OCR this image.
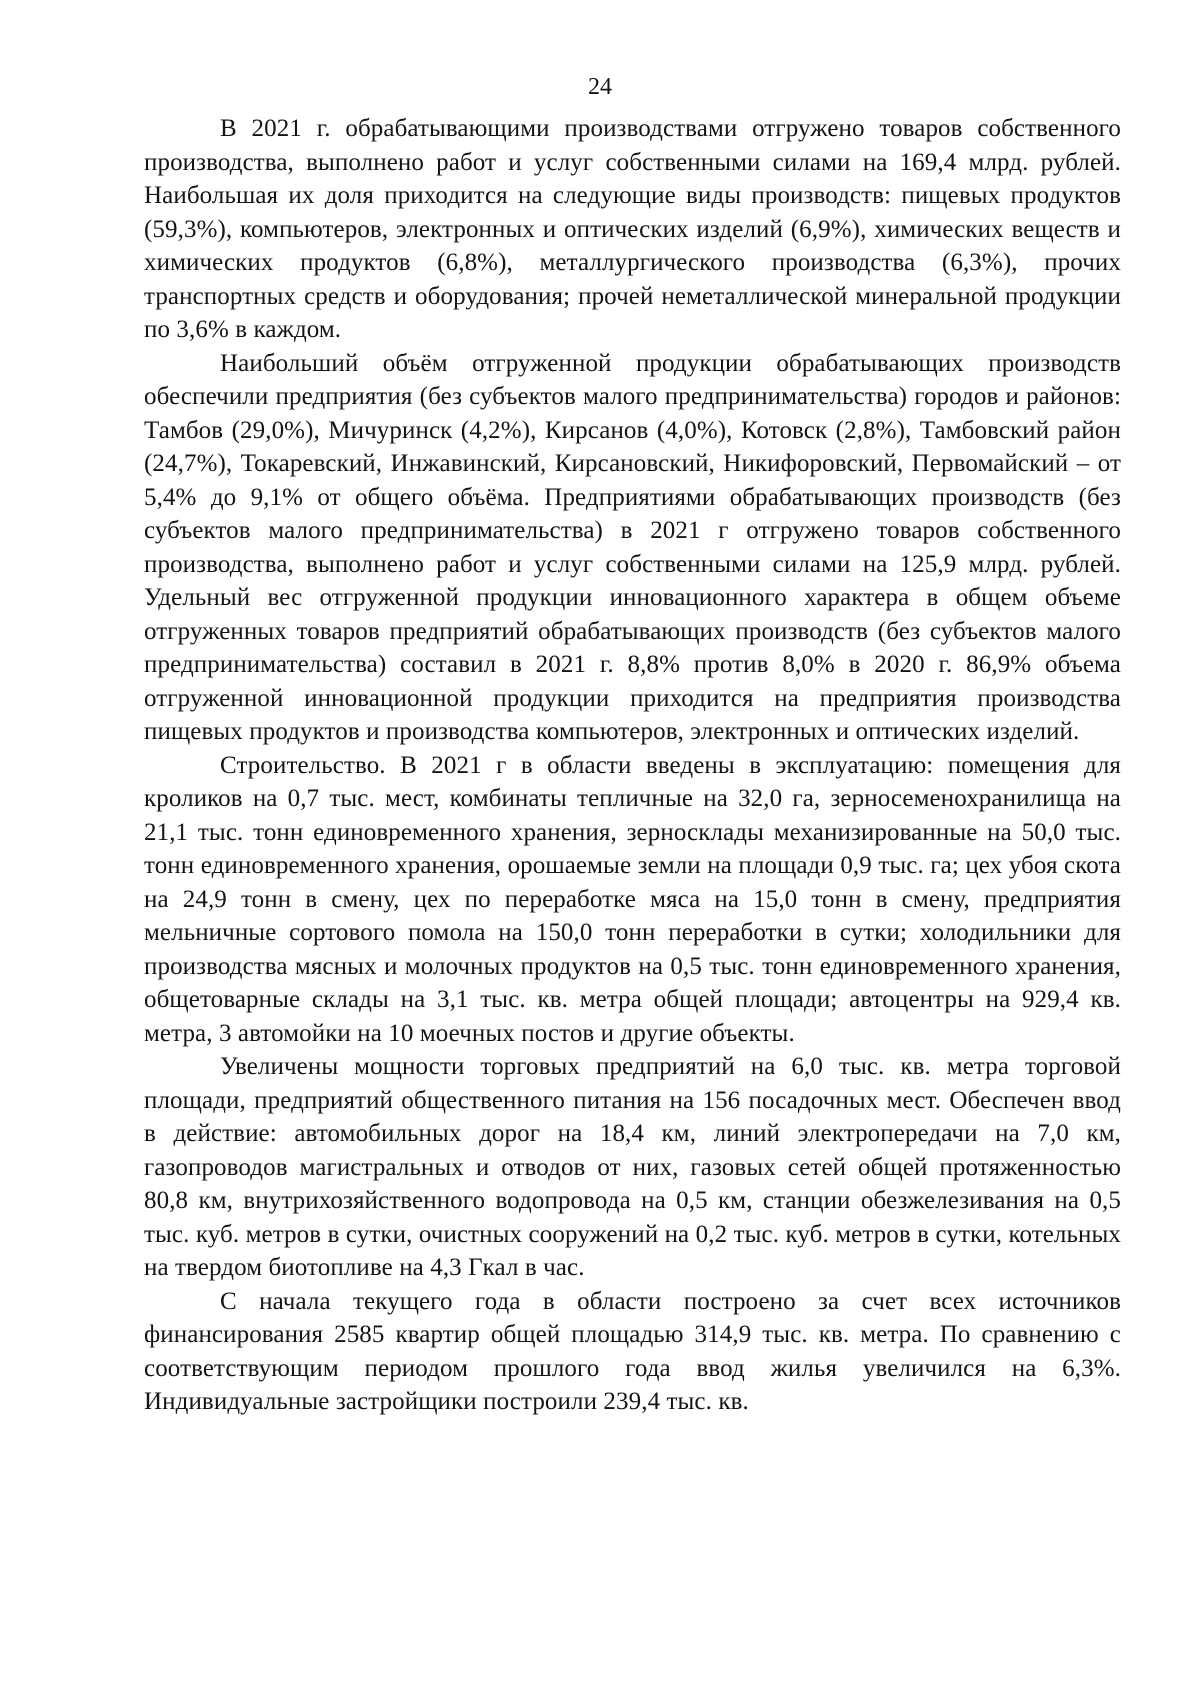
24

В 2021 г. обрабатывающими производствами отгружено товаров собственного производства, выполнено работ и услуг собственными силами на 169,4 млрд. рублей. Наибольшая их доля приходится на следующие виды производств: пищевых продуктов (59,3%), компьютеров, электронных и оптических изделий (6,9%), химических веществ и химических продуктов (6,8%), металлургического производства (6,3%), прочих транспортных средств и оборудования; прочей неметаллической минеральной продукции по 3,6% в каждом.

Наибольший объём отгруженной продукции обрабатывающих производств обеспечили предприятия (без субъектов малого предпринимательства) городов и районов: Тамбов (29,0%), Мичуринск (4,2%), Кирсанов (4,0%), Котовск (2,8%), Тамбовский район (24,7%), Токаревский, Инжавинский, Кирсановский, Никифоровский, Первомайский – от 5,4% до 9,1% от общего объёма. Предприятиями обрабатывающих производств (без субъектов малого предпринимательства) в 2021 г отгружено товаров собственного производства, выполнено работ и услуг собственными силами на 125,9 млрд. рублей. Удельный вес отгруженной продукции инновационного характера в общем объеме отгруженных товаров предприятий обрабатывающих производств (без субъектов малого предпринимательства) составил в 2021 г. 8,8% против 8,0% в 2020 г. 86,9% объема отгруженной инновационной продукции приходится на предприятия производства пищевых продуктов и производства компьютеров, электронных и оптических изделий.

Строительство. В 2021 г в области введены в эксплуатацию: помещения для кроликов на 0,7 тыс. мест, комбинаты тепличные на 32,0 га, зерносеменохранилища на 21,1 тыс. тонн единовременного хранения, зерносклады механизированные на 50,0 тыс. тонн единовременного хранения, орошаемые земли на площади 0,9 тыс. га; цех убоя скота на 24,9 тонн в смену, цех по переработке мяса на 15,0 тонн в смену, предприятия мельничные сортового помола на 150,0 тонн переработки в сутки; холодильники для производства мясных и молочных продуктов на 0,5 тыс. тонн единовременного хранения, общетоварные склады на 3,1 тыс. кв. метра общей площади; автоцентры на 929,4 кв. метра, 3 автомойки на 10 моечных постов и другие объекты.

Увеличены мощности торговых предприятий на 6,0 тыс. кв. метра торговой площади, предприятий общественного питания на 156 посадочных мест. Обеспечен ввод в действие: автомобильных дорог на 18,4 км, линий электропередачи на 7,0 км, газопроводов магистральных и отводов от них, газовых сетей общей протяженностью 80,8 км, внутрихозяйственного водопровода на 0,5 км, станции обезжелезивания на 0,5 тыс. куб. метров в сутки, очистных сооружений на 0,2 тыс. куб. метров в сутки, котельных на твердом биотопливе на 4,3 Гкал в час.

С начала текущего года в области построено за счет всех источников финансирования 2585 квартир общей площадью 314,9 тыс. кв. метра. По сравнению с соответствующим периодом прошлого года ввод жилья увеличился на 6,3%. Индивидуальные застройщики построили 239,4 тыс. кв.
